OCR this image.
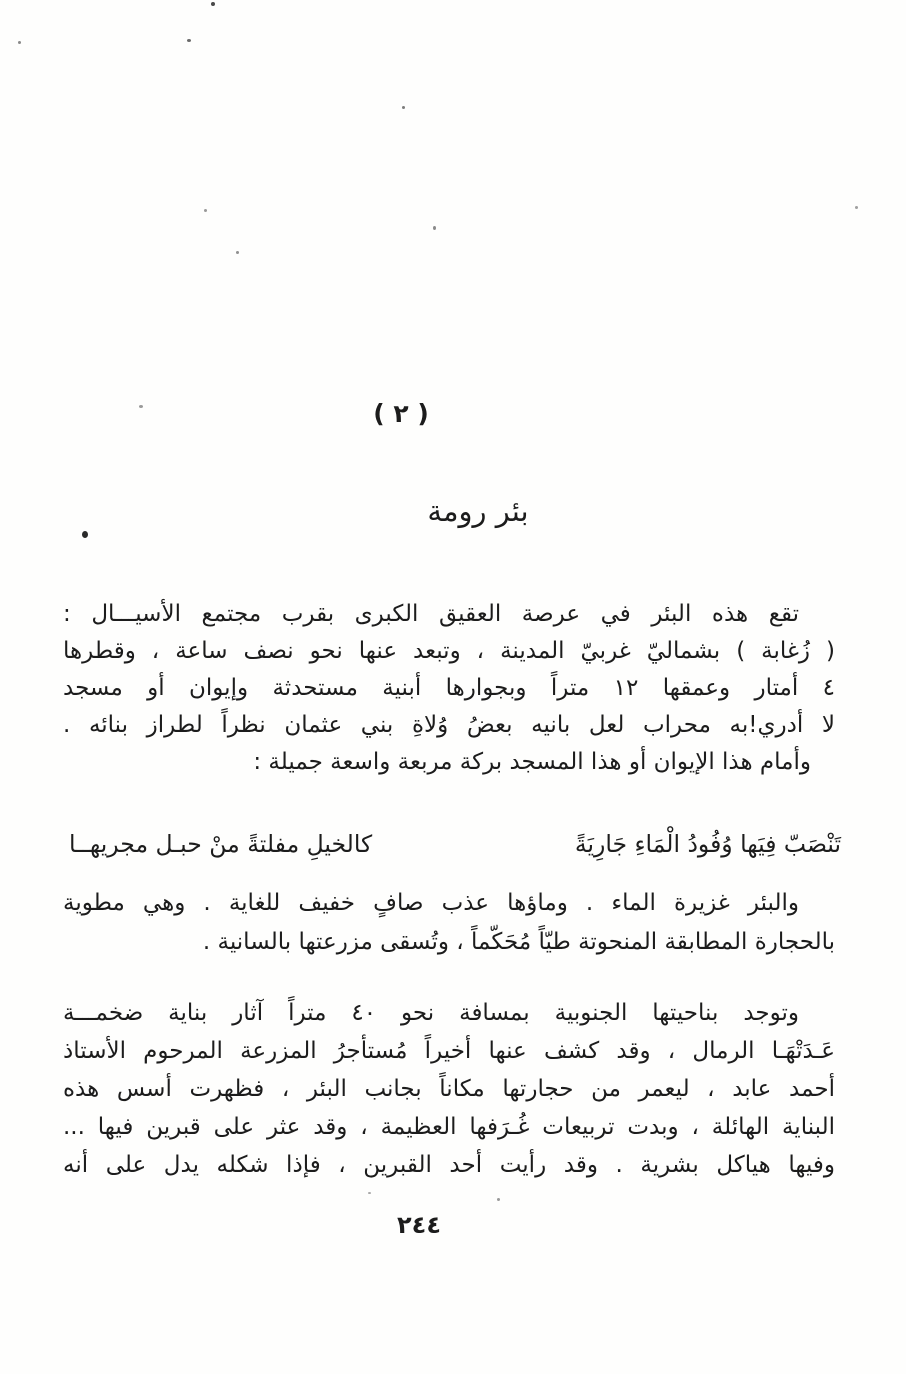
( ٢ )
بئر رومة
تقع هذه البئر في عرصة العقيق الكبرى بقرب مجتمع الأسيـــال :
( زُغابة ) بشماليّ غربيّ المدينة ، وتبعد عنها نحو نصف ساعة ، وقطرها
٤ أمتار وعمقها ١٢ متراً وبجوارها أبنية مستحدثة وإيوان أو مسجد
لا أدري!به محراب لعل بانيه بعضُ وُلاةِ بني عثمان نظراً لطراز بنائه .
وأمام هذا الإيوان أو هذا المسجد بركة مربعة واسعة جميلة :
تَنْصَبّ فِيَها وُفُودُ الْمَاءِ جَارِيَةً
كالخيلِ مفلتةً منْ حبـل مجريهــا
والبئر غزيرة الماء . وماؤها عذب صافٍ خفيف للغاية . وهي مطوية
بالحجارة المطابقة المنحوتة طيّاً مُحَكّماً ، وتُسقى مزرعتها بالسانية .
وتوجد بناحيتها الجنوبية بمسافة نحو ٤٠ متراً آثار بناية ضخمـــة
عَـدَتْهَـا الرمال ، وقد كشف عنها أخيراً مُستأجرُ المزرعة المرحوم الأستاذ
أحمد عابد ، ليعمر من حجارتها مكاناً بجانب البئر ، فظهرت أسس هذه
البناية الهائلة ، وبدت تربيعات غُـرَفها العظيمة ، وقد عثر على قبرين فيها ...
وفيها هياكل بشرية . وقد رأيت أحد القبرين ، فإذا شكله يدل على أنه
٢٤٤
